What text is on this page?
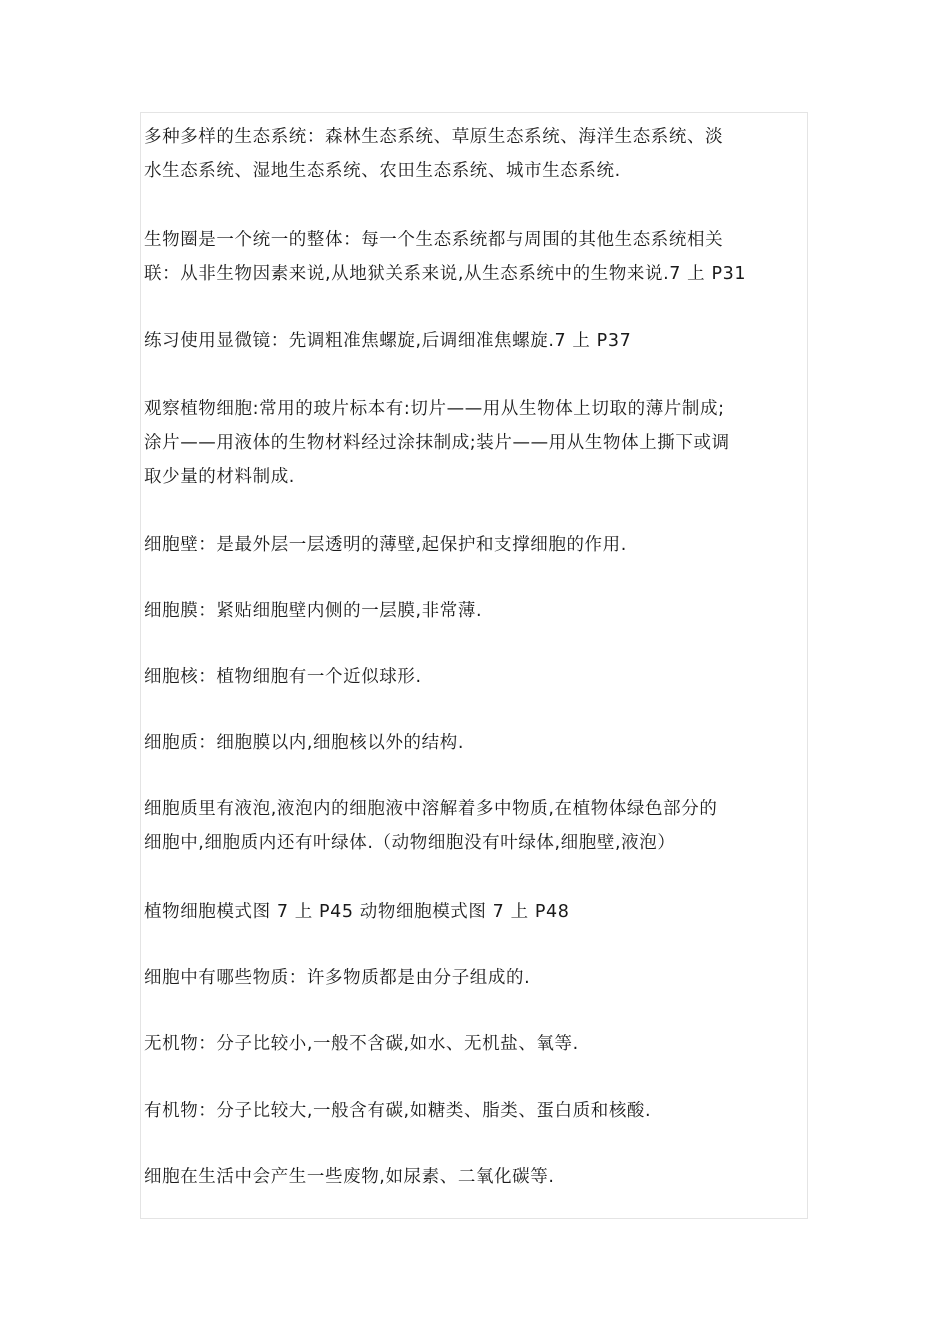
多种多样的生态系统：森林生态系统、草原生态系统、海洋生态系统、淡
水生态系统、湿地生态系统、农田生态系统、城市生态系统.

生物圈是一个统一的整体：每一个生态系统都与周围的其他生态系统相关
联：从非生物因素来说,从地狱关系来说,从生态系统中的生物来说.7 上 P31

练习使用显微镜：先调粗准焦螺旋,后调细准焦螺旋.7 上 P37

观察植物细胞:常用的玻片标本有:切片——用从生物体上切取的薄片制成;
涂片——用液体的生物材料经过涂抹制成;装片——用从生物体上撕下或调
取少量的材料制成.

细胞壁：是最外层一层透明的薄壁,起保护和支撑细胞的作用.

细胞膜：紧贴细胞壁内侧的一层膜,非常薄.

细胞核：植物细胞有一个近似球形.

细胞质：细胞膜以内,细胞核以外的结构.

细胞质里有液泡,液泡内的细胞液中溶解着多中物质,在植物体绿色部分的
细胞中,细胞质内还有叶绿体.（动物细胞没有叶绿体,细胞壁,液泡）

植物细胞模式图 7 上 P45 动物细胞模式图 7 上 P48

细胞中有哪些物质：许多物质都是由分子组成的.

无机物：分子比较小,一般不含碳,如水、无机盐、氧等.

有机物：分子比较大,一般含有碳,如糖类、脂类、蛋白质和核酸.

细胞在生活中会产生一些废物,如尿素、二氧化碳等.
